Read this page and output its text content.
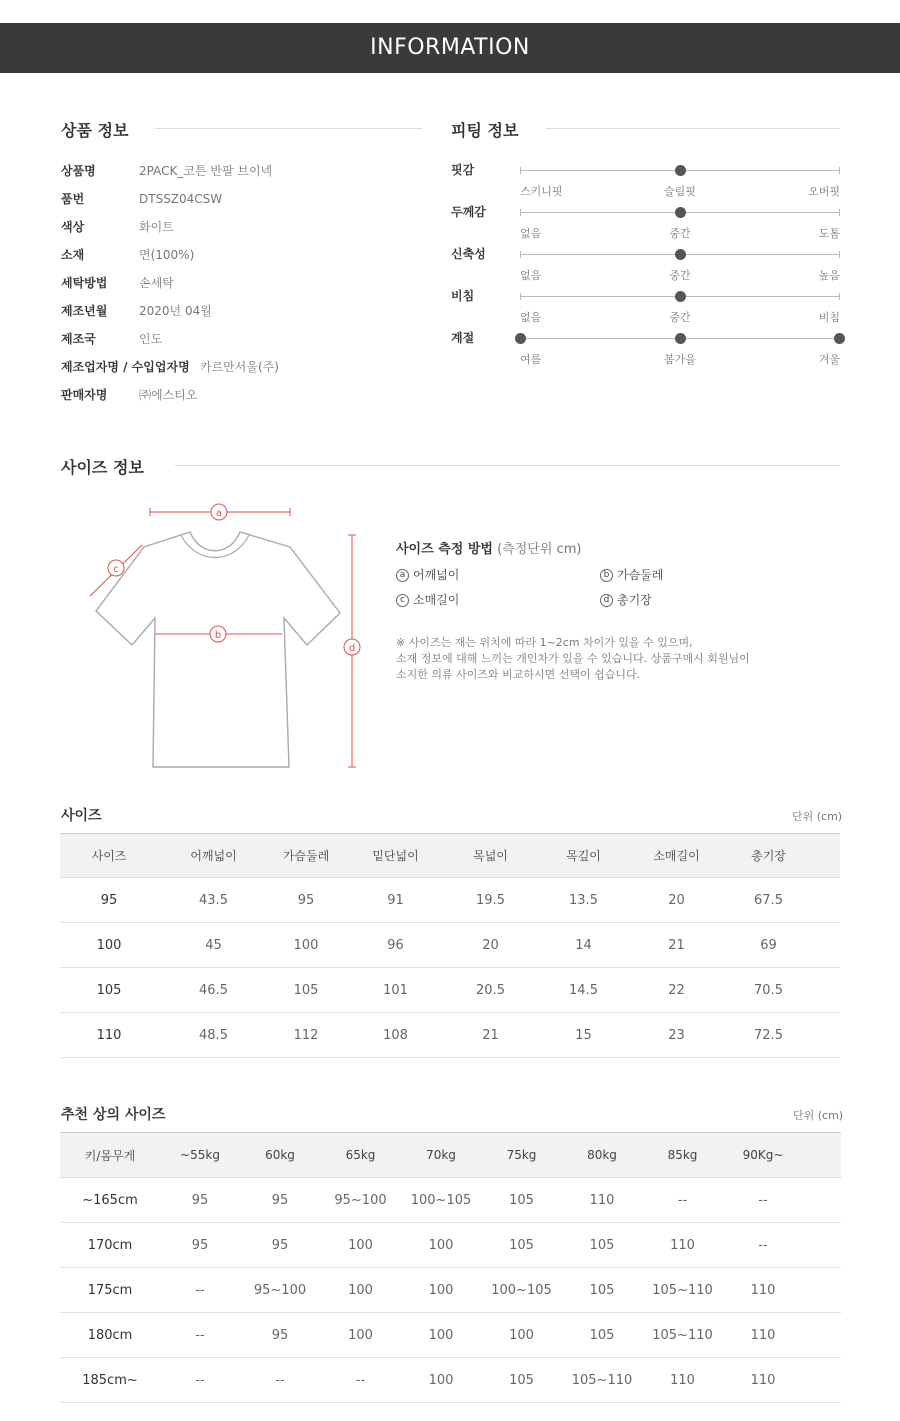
INFORMATION
상품 정보
상품명	2PACK_코튼 반팔 브이넥
품번	DTSSZ04CSW
색상	화이트
소재	면(100%)
세탁방법	손세탁
제조년월	2020년 04월
제조국	인도
제조업자명 / 수입업자명 카르만서울(주)
판매자명	㈜에스티오
피팅 정보
핏감
스키니핏	슬림핏	오버핏
두께감
없음	중간	도톰
신축성
없음	중간	높음
비침
없음	중간	비침
계절
여름	봄가을	겨울
사이즈 정보
a
b
c
d
사이즈 측정 방법 (측정단위 cm)
a 어깨넓이	b 가슴둘레
c 소매길이	d 총기장
※ 사이즈는 재는 위치에 따라 1~2cm 차이가 있을 수 있으며,
소재 정보에 대해 느끼는 개인차가 있을 수 있습니다. 상품구매시 회원님이
소지한 의류 사이즈와 비교하시면 선택이 쉽습니다.
사이즈	단위 (cm)
사이즈	어깨넓이	가슴둘레	밑단넓이	목넓이	목깊이	소매길이	총기장	
95	43.5	95	91	19.5	13.5	20	67.5	
100	45	100	96	20	14	21	69	
105	46.5	105	101	20.5	14.5	22	70.5	
110	48.5	112	108	21	15	23	72.5	
추천 상의 사이즈	단위 (cm)
키/몸무게	~55kg	60kg	65kg	70kg	75kg	80kg	85kg	90Kg~	
~165cm	95	95	95~100	100~105	105	110	--	--	
170cm	95	95	100	100	105	105	110	--	
175cm	--	95~100	100	100	100~105	105	105~110	110	
180cm	--	95	100	100	100	105	105~110	110	
185cm~	--	--	--	100	105	105~110	110	110	
